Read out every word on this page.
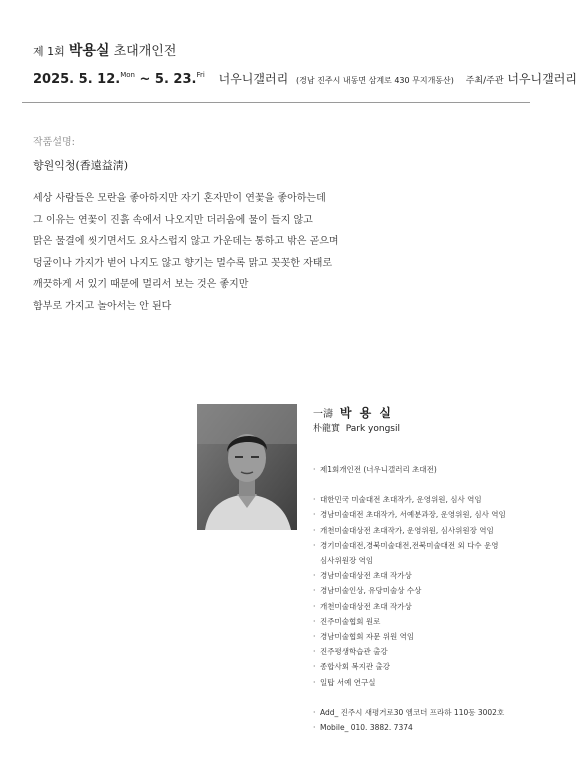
제 1회 박용실 초대개인전
2025. 5. 12.$^{Mon}$ ~ 5. 23.$^{Fri}$ 너우니갤러리 (경남 진주시 내동면 삼계로 430 무지개동산) 주최/주관 너우니갤러리
작품설명:
향원익청(香遠益淸)
세상 사람들은 모란을 좋아하지만 자기 혼자만이 연꽃을 좋아하는데
그 이유는 연꽃이 진흙 속에서 나오지만 더러움에 물이 들지 않고
맑은 물결에 씻기면서도 요사스럽지 않고 가운데는 통하고 밖은 곧으며
덩굴이나 가지가 벋어 나지도 않고 향기는 멀수록 맑고 꼿꼿한 자태로
깨끗하게 서 있기 때문에 멀리서 보는 것은 좋지만
함부로 가지고 놀아서는 안 된다
一濤 박 용 실
朴龍實 Park yongsil
· 제1회개인전 (너우니갤러리 초대전)
· 대한민국 미술대전 초대작가, 운영위원, 심사 역임
· 경남미술대전 초대작가, 서예분과장, 운영위원, 심사 역임
· 개천미술대상전 초대작가, 운영위원, 심사위원장 역임
· 경기미술대전,경북미술대전,전북미술대전 외 다수 운영
심사위원장 역임
· 경남미술대상전 초대 작가상
· 경남미술인상, 유당미술상 수상
· 개천미술대상전 초대 작가상
· 진주미술협회 원로
· 경남미술협회 자문 위원 역임
· 진주평생학습관 출강
· 종합사회 복지관 출강
· 일탑 서예 연구실
· Add_ 진주시 새평거로30 엠코더 프라하 110동 3002호
· Mobile_ 010. 3882. 7374
